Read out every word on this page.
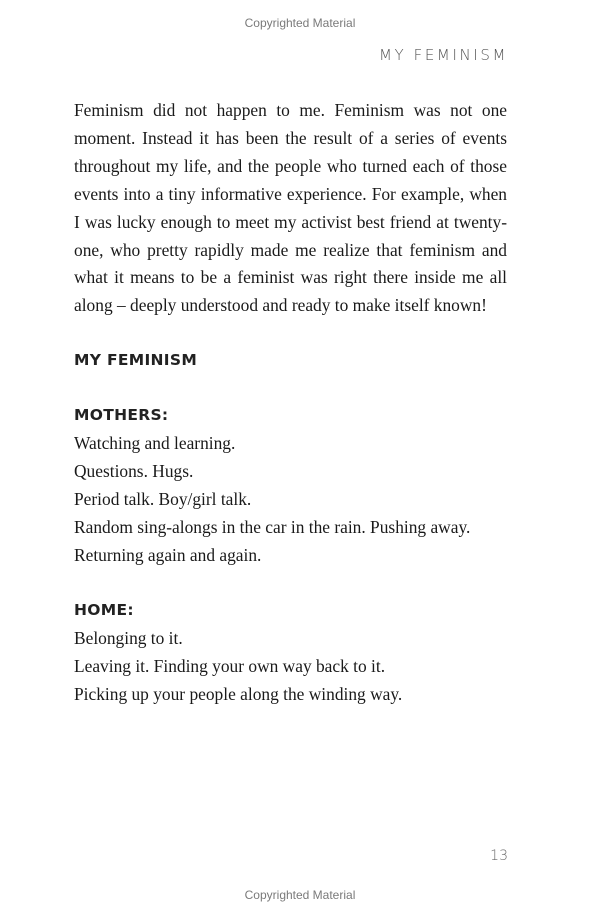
Copyrighted Material
MY FEMINISM

Feminism did not happen to me. Feminism was not one moment. Instead it has been the result of a series of events throughout my life, and the people who turned each of those events into a tiny informative experience. For example, when I was lucky enough to meet my activist best friend at twenty-one, who pretty rapidly made me realize that feminism and what it means to be a feminist was right there inside me all along – deeply understood and ready to make itself known!

MY FEMINISM
MOTHERS:

Watching and learning.

Questions. Hugs.

Period talk. Boy/girl talk.

Random sing-alongs in the car in the rain. Pushing away.

Returning again and again.

HOME:

Belonging to it.

Leaving it. Finding your own way back to it.

Picking up your people along the winding way.

13
Copyrighted Material
